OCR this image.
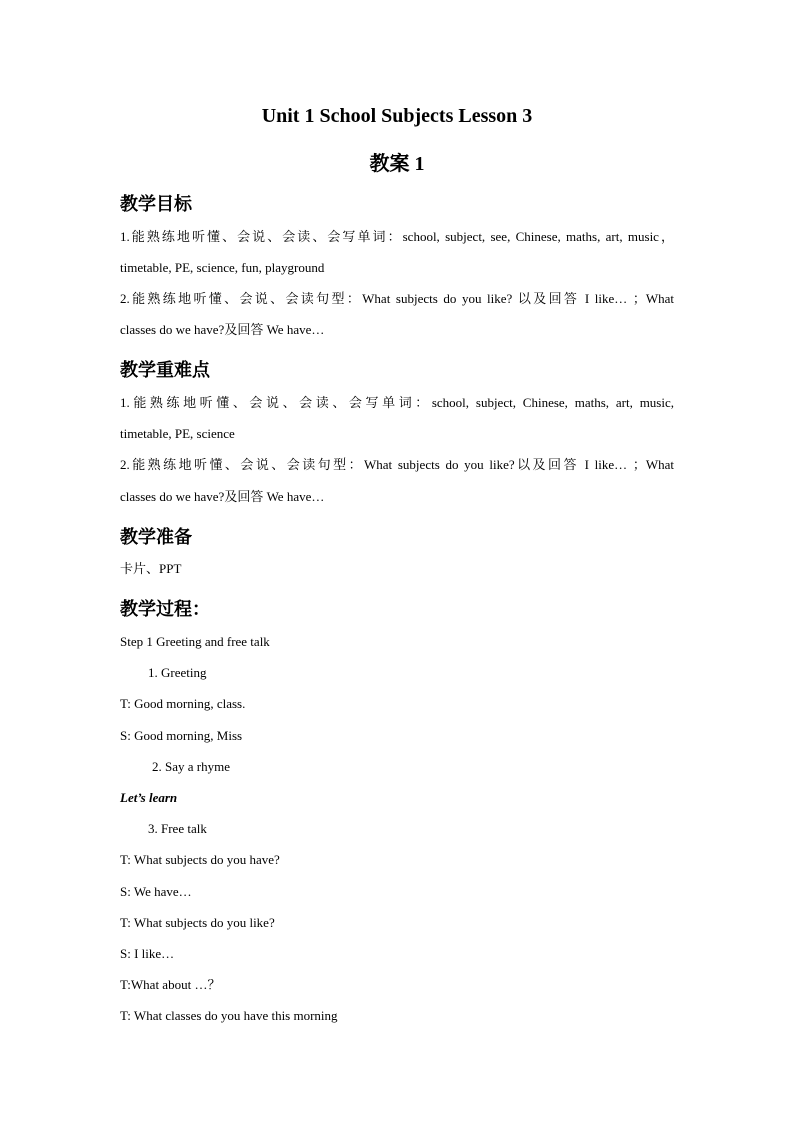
Unit 1 School Subjects Lesson 3
教案 1
教学目标
1.能熟练地听懂、会说、会读、会写单词：school, subject, see, Chinese, maths, art, music，
timetable, PE, science, fun, playground
2.能熟练地听懂、会说、会读句型：What subjects do you like? 以及回答 I like… ；What
classes do we have?及回答 We have…
教学重难点
1.能熟练地听懂、会说、会读、会写单词：school, subject, Chinese, maths, art, music,
timetable, PE, science
2.能熟练地听懂、会说、会读句型：What subjects do you like?以及回答 I like… ；What
classes do we have?及回答 We have…
教学准备
卡片、PPT
教学过程：
Step 1 Greeting and free talk
1. Greeting
T: Good morning, class.
S: Good morning, Miss
2. Say a rhyme
Let’s learn
3. Free talk
T: What subjects do you have?
S: We have…
T: What subjects do you like?
S: I like…
T:What about …？
T: What classes do you have this morning
